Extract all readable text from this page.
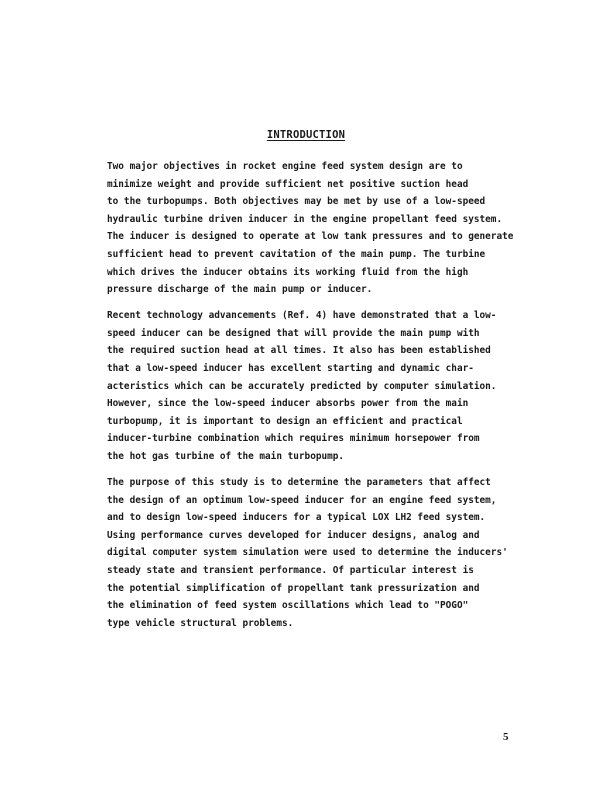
INTRODUCTION
Two major objectives in rocket engine feed system design are to
minimize weight and provide sufficient net positive suction head
to the turbopumps. Both objectives may be met by use of a low-speed
hydraulic turbine driven inducer in the engine propellant feed system.
The inducer is designed to operate at low tank pressures and to generate
sufficient head to prevent cavitation of the main pump. The turbine
which drives the inducer obtains its working fluid from the high
pressure discharge of the main pump or inducer.
Recent technology advancements (Ref. 4) have demonstrated that a low-
speed inducer can be designed that will provide the main pump with
the required suction head at all times. It also has been established
that a low-speed inducer has excellent starting and dynamic char-
acteristics which can be accurately predicted by computer simulation.
However, since the low-speed inducer absorbs power from the main
turbopump, it is important to design an efficient and practical
inducer-turbine combination which requires minimum horsepower from
the hot gas turbine of the main turbopump.
The purpose of this study is to determine the parameters that affect
the design of an optimum low-speed inducer for an engine feed system,
and to design low-speed inducers for a typical LOX LH2 feed system.
Using performance curves developed for inducer designs, analog and
digital computer system simulation were used to determine the inducers'
steady state and transient performance. Of particular interest is
the potential simplification of propellant tank pressurization and
the elimination of feed system oscillations which lead to "POGO"
type vehicle structural problems.
5
